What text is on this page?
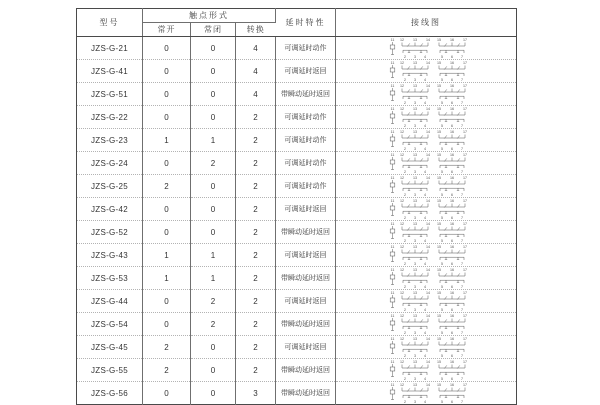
型号	触点形式			延时特性	接线图
	常开	常闭	转换		
JZS-G-21	0	0	4	可调延时动作	
11 12	13	14 15	16	17
2 3 4	5 6 7

JZS-G-41	0	0	4	可调延时返回	
11 12	13	14 15	16	17
2 3 4	5 6 7

JZS-G-51	0	0	4	带瞬动延时返回	
11 12	13	14 15	16	17
2 3 4	5 6 7

JZS-G-22	0	0	2	可调延时动作	
11 12	13	14 15	16	17
2 3 4	5 6 7

JZS-G-23	1	1	2	可调延时动作	
11 12	13	14 15	16	17
2 3 4	5 6 7

JZS-G-24	0	2	2	可调延时动作	
11 12	13	14 15	16	17
2 3 4	5 6 7

JZS-G-25	2	0	2	可调延时动作	
11 12	13	14 15	16	17
2 3 4	5 6 7

JZS-G-42	0	0	2	可调延时返回	
11 12	13	14 15	16	17
2 3 4	5 6 7

JZS-G-52	0	0	2	带瞬动延时返回	
11 12	13	14 15	16	17
2 3 4	5 6 7

JZS-G-43	1	1	2	可调延时返回	
11 12	13	14 15	16	17
2 3 4	5 6 7

JZS-G-53	1	1	2	带瞬动延时返回	
11 12	13	14 15	16	17
2 3 4	5 6 7

JZS-G-44	0	2	2	可调延时返回	
11 12	13	14 15	16	17
2 3 4	5 6 7

JZS-G-54	0	2	2	带瞬动延时返回	
11 12	13	14 15	16	17
2 3 4	5 6 7

JZS-G-45	2	0	2	可调延时返回	
11 12	13	14 15	16	17
2 3 4	5 6 7

JZS-G-55	2	0	2	带瞬动延时返回	
11 12	13	14 15	16	17
2 3 4	5 6 7

JZS-G-56	0	0	3	带瞬动延时返回	
11 12	13	14 15	16	17
2 3 4	5 6 7
